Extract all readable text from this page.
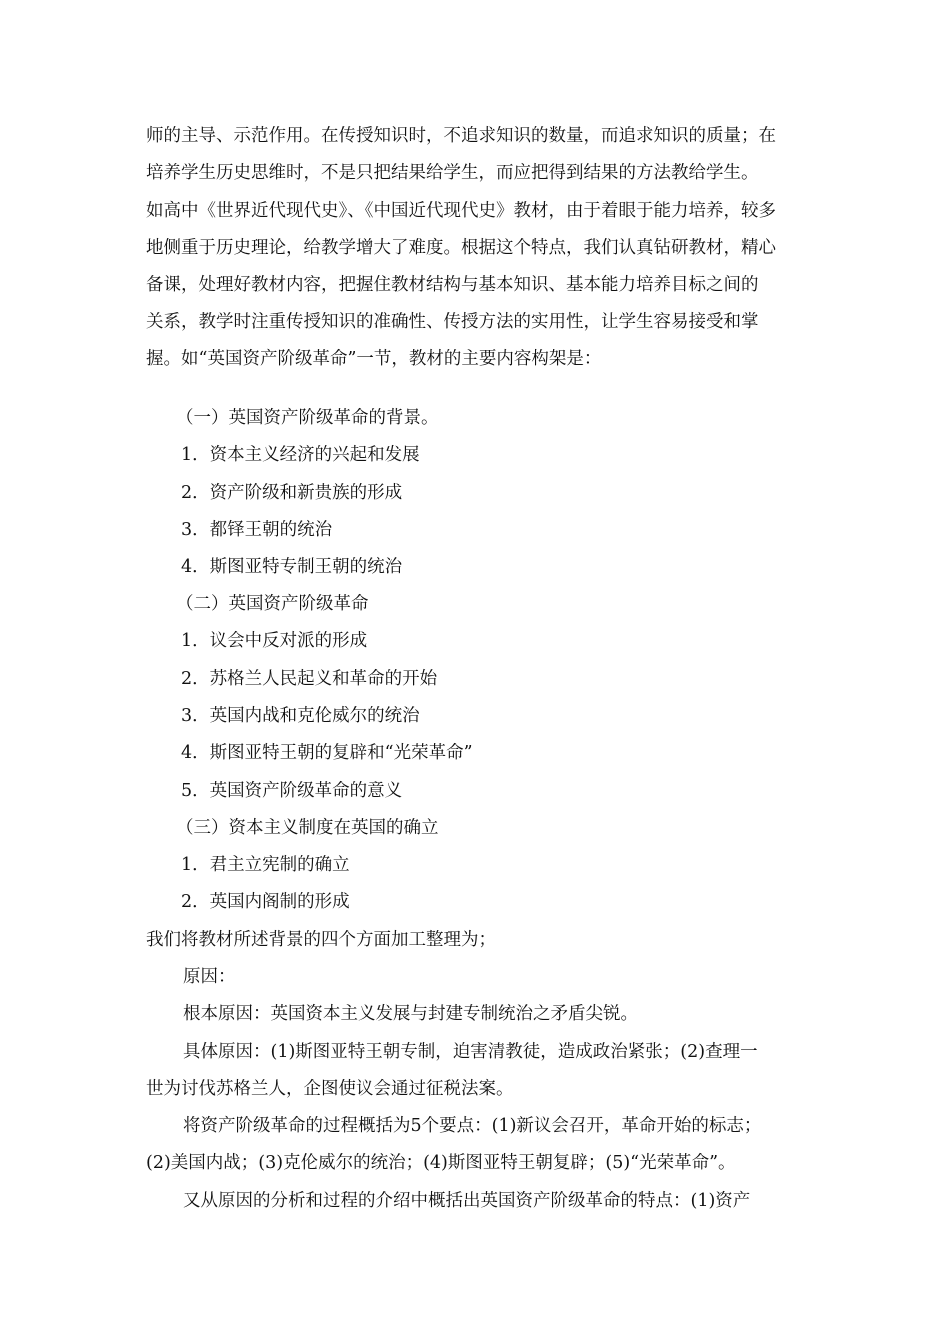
师的主导、示范作用。在传授知识时，不追求知识的数量，而追求知识的质量；在
培养学生历史思维时，不是只把结果给学生，而应把得到结果的方法教给学生。
如高中《世界近代现代史》、《中国近代现代史》教材，由于着眼于能力培养，较多
地侧重于历史理论，给教学增大了难度。根据这个特点，我们认真钻研教材，精心
备课，处理好教材内容，把握住教材结构与基本知识、基本能力培养目标之间的
关系，教学时注重传授知识的准确性、传授方法的实用性，让学生容易接受和掌
握。如“英国资产阶级革命”一节，教材的主要内容构架是：
（一）英国资产阶级革命的背景。
1．资本主义经济的兴起和发展
2．资产阶级和新贵族的形成
3．都铎王朝的统治
4．斯图亚特专制王朝的统治
（二）英国资产阶级革命
1．议会中反对派的形成
2．苏格兰人民起义和革命的开始
3．英国内战和克伦威尔的统治
4．斯图亚特王朝的复辟和“光荣革命”
5．英国资产阶级革命的意义
（三）资本主义制度在英国的确立
1．君主立宪制的确立
2．英国内阁制的形成
我们将教材所述背景的四个方面加工整理为；
原因：
根本原因：英国资本主义发展与封建专制统治之矛盾尖锐。
具体原因：(1)斯图亚特王朝专制，迫害清教徒，造成政治紧张；(2)查理一
世为讨伐苏格兰人，企图使议会通过征税法案。
将资产阶级革命的过程概括为5个要点：(1)新议会召开，革命开始的标志；
(2)美国内战；(3)克伦威尔的统治；(4)斯图亚特王朝复辟；(5)“光荣革命”。
又从原因的分析和过程的介绍中概括出英国资产阶级革命的特点：(1)资产
